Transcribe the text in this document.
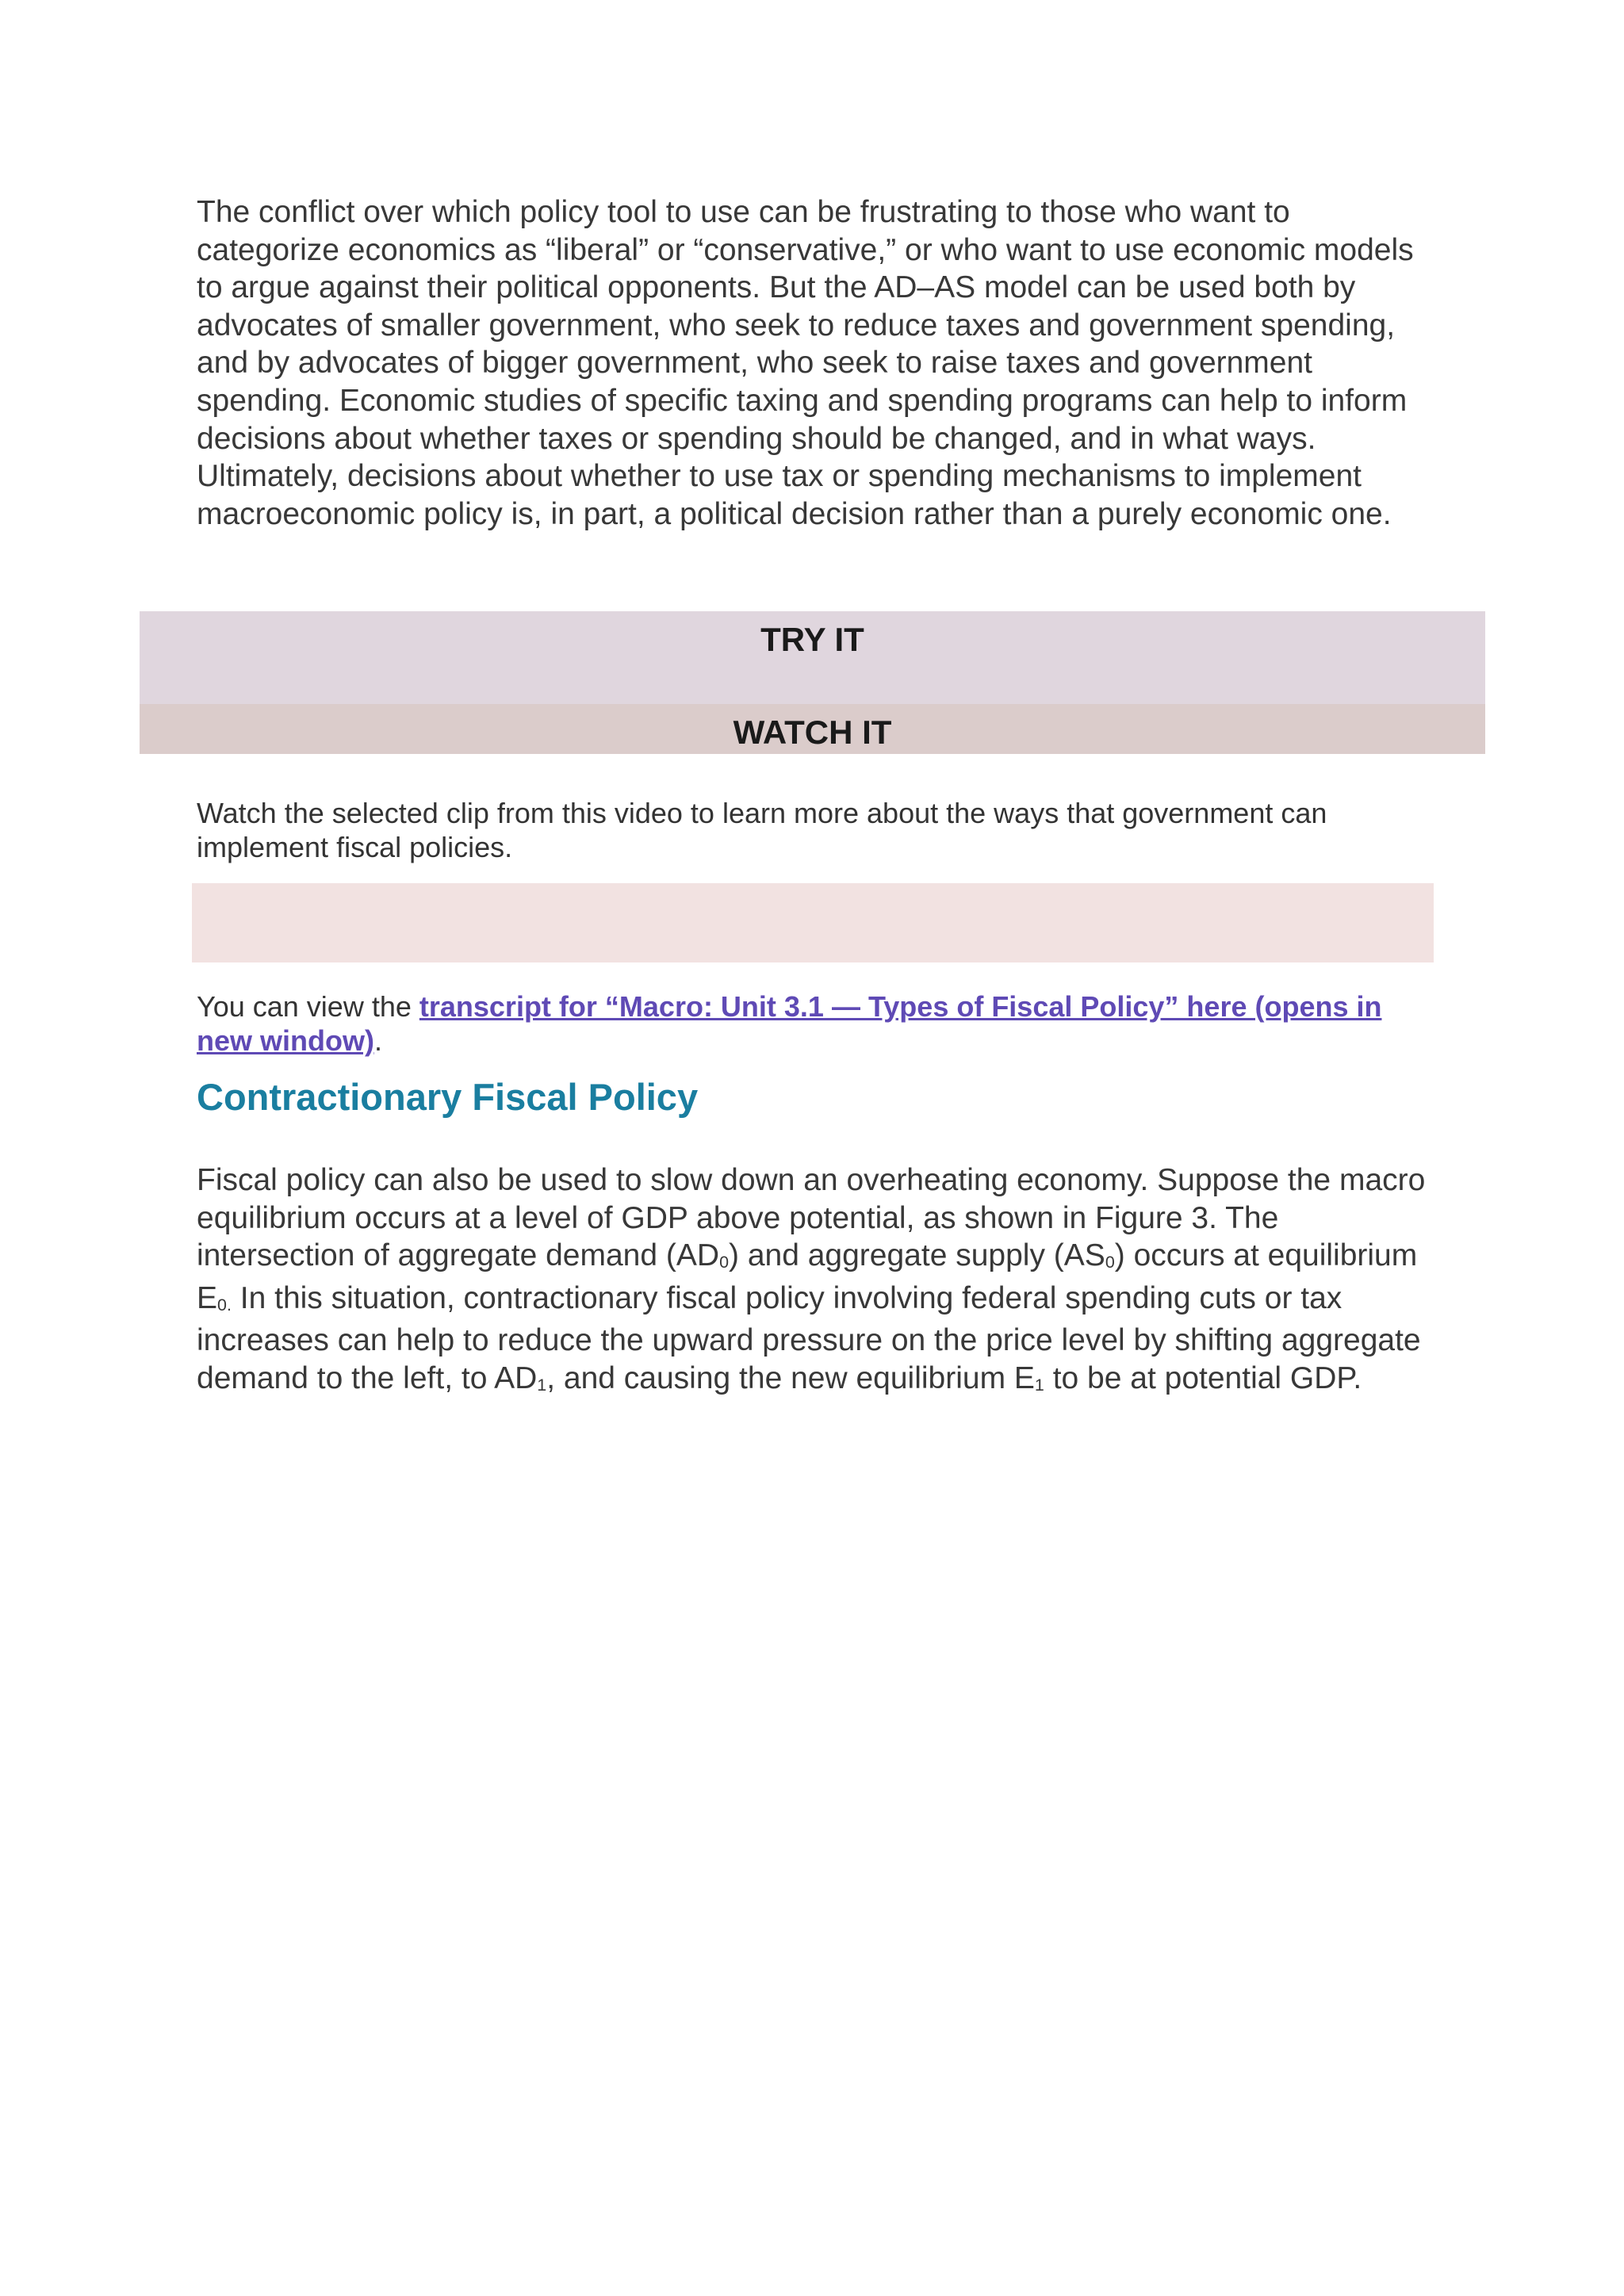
The conflict over which policy tool to use can be frustrating to those who want to categorize economics as “liberal” or “conservative,” or who want to use economic models to argue against their political opponents. But the AD–AS model can be used both by advocates of smaller government, who seek to reduce taxes and government spending, and by advocates of bigger government, who seek to raise taxes and government spending. Economic studies of specific taxing and spending programs can help to inform decisions about whether taxes or spending should be changed, and in what ways. Ultimately, decisions about whether to use tax or spending mechanisms to implement macroeconomic policy is, in part, a political decision rather than a purely economic one.

TRY IT
WATCH IT

Watch the selected clip from this video to learn more about the ways that government can implement fiscal policies.

You can view the transcript for “Macro: Unit 3.1 — Types of Fiscal Policy” here (opens in new window).

Contractionary Fiscal Policy

Fiscal policy can also be used to slow down an overheating economy. Suppose the macro equilibrium occurs at a level of GDP above potential, as shown in Figure 3. The intersection of aggregate demand (AD0) and aggregate supply (AS0) occurs at equilibrium E0. In this situation, contractionary fiscal policy involving federal spending cuts or tax increases can help to reduce the upward pressure on the price level by shifting aggregate demand to the left, to AD1, and causing the new equilibrium E1 to be at potential GDP.
